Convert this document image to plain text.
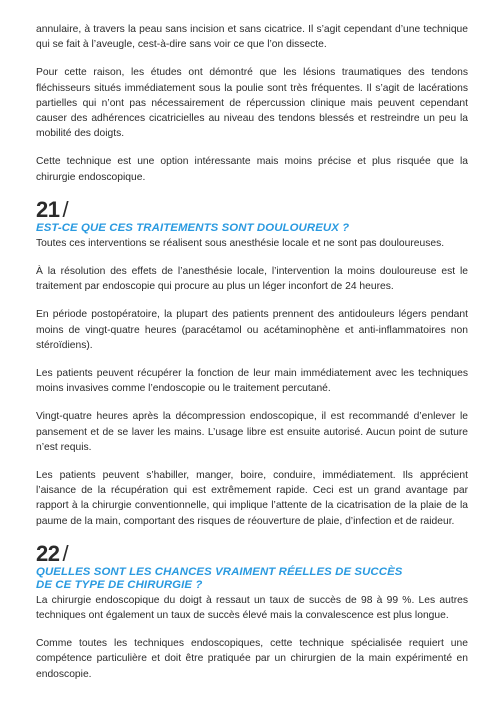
annulaire, à travers la peau sans incision et sans cicatrice. Il s’agit cependant d’une technique qui se fait à l’aveugle, cest-à-dire sans voir ce que l’on dissecte.

Pour cette raison, les études ont démontré que les lésions traumatiques des tendons fléchisseurs situés immédiatement sous la poulie sont très fréquentes. Il s’agit de lacérations partielles qui n’ont pas nécessairement de répercussion clinique mais peuvent cependant causer des adhérences cicatricielles au niveau des tendons blessés et restreindre un peu la mobilité des doigts.

Cette technique est une option intéressante mais moins précise et plus risquée que la chirurgie endoscopique.

21 /
EST-CE QUE CES TRAITEMENTS SONT DOULOUREUX ?

Toutes ces interventions se réalisent sous anesthésie locale et ne sont pas douloureuses.

À la résolution des effets de l’anesthésie locale, l’intervention la moins douloureuse est le traitement par endoscopie qui procure au plus un léger inconfort de 24 heures.

En période postopératoire, la plupart des patients prennent des antidouleurs légers pendant moins de vingt-quatre heures (paracétamol ou acétaminophène et anti-inflammatoires non stéroïdiens).

Les patients peuvent récupérer la fonction de leur main immédiatement avec les techniques moins invasives comme l’endoscopie ou le traitement percutané.

Vingt-quatre heures après la décompression endoscopique, il est recommandé d’enlever le pansement et de se laver les mains. L’usage libre est ensuite autorisé. Aucun point de suture n’est requis.

Les patients peuvent s’habiller, manger, boire, conduire, immédiatement. Ils apprécient l’aisance de la récupération qui est extrêmement rapide. Ceci est un grand avantage par rapport à la chirurgie conventionnelle, qui implique l’attente de la cicatrisation de la plaie de la paume de la main, comportant des risques de réouverture de plaie, d’infection et de raideur.

22 /
QUELLES SONT LES CHANCES VRAIMENT RÉELLES DE SUCCÈS
DE CE TYPE DE CHIRURGIE ?

La chirurgie endoscopique du doigt à ressaut un taux de succès de 98 à 99 %. Les autres techniques ont également un taux de succès élevé mais la convalescence est plus longue.

Comme toutes les techniques endoscopiques, cette technique spécialisée requiert une compétence particulière et doit être pratiquée par un chirurgien de la main expérimenté en endoscopie.
